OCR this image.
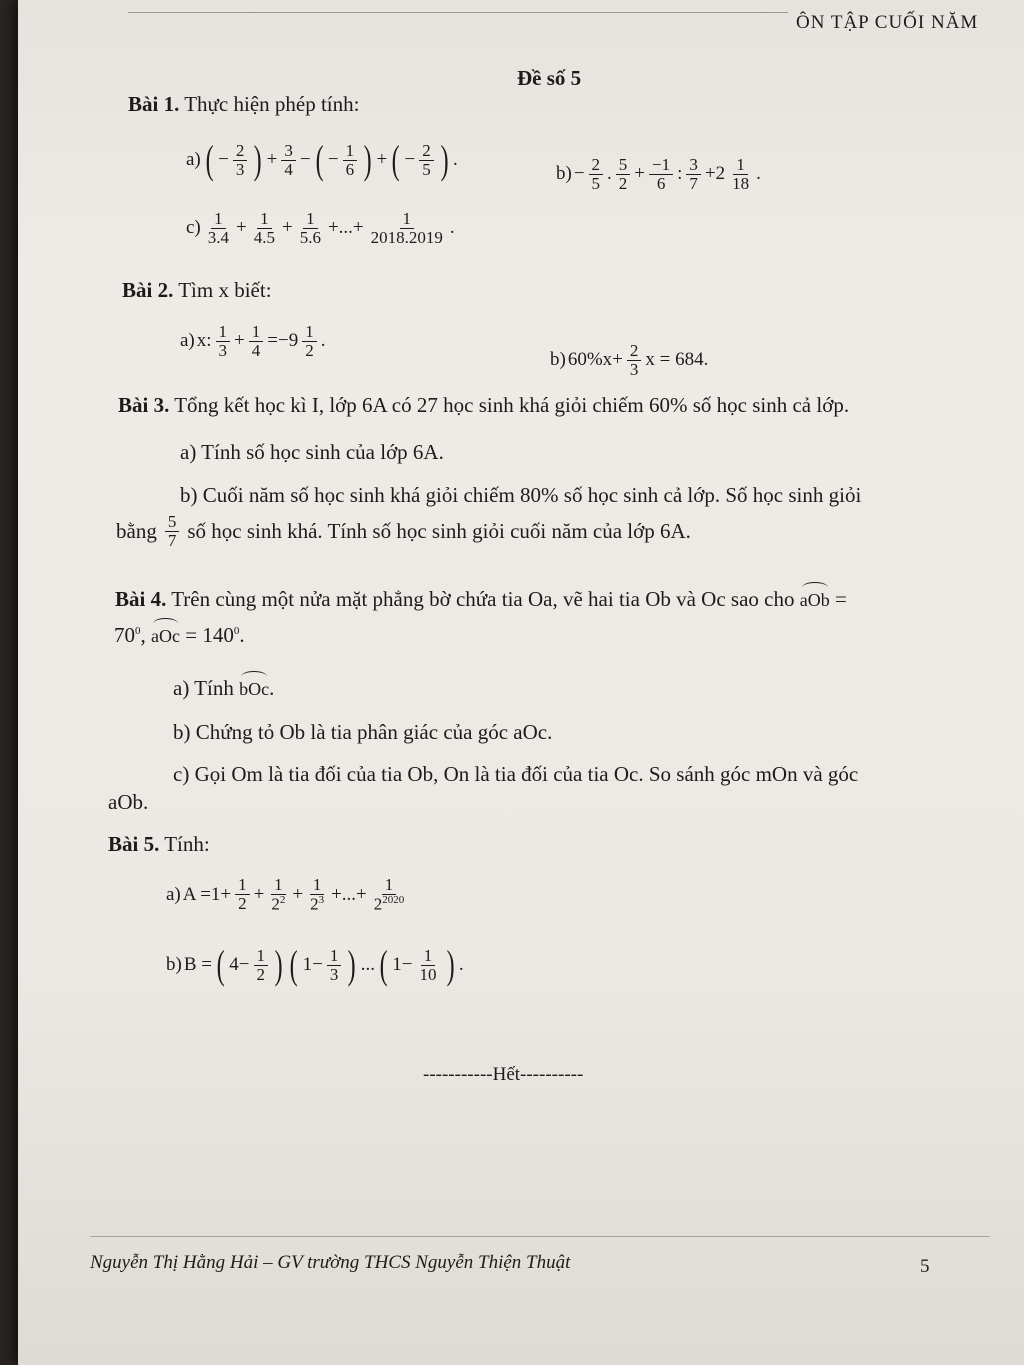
ÔN TẬP CUỐI NĂM
Đề số 5
Bài 1. Thực hiện phép tính:
a) ( − $\frac{2}{3}$ ) + $\frac{3}{4}$ − ( − $\frac{1}{6}$ ) + ( − $\frac{2}{5}$ ) .
$b) - \frac{2}{5}$ . $\frac{5}{2} + \frac{-1}{6}$ : $\frac{3}{7} +2 \frac{1}{18}$ .
$c) \frac{1}{3.4} + \frac{1}{4.5} + \frac{1}{5.6}$ +...+ $\frac{1}{2018.2019}$ .
Bài 2. Tìm x biết:
a) x: $\frac{1}{3} + \frac{1}{4} =-9 \frac{1}{2}$ .
b) $60\%x+ \frac{2}{3}$ x = 684.
Bài 3. Tổng kết học kì I, lớp 6A có 27 học sinh khá giỏi chiếm 60% số học sinh cả lớp.
a) Tính số học sinh của lớp 6A.
b) Cuối năm số học sinh khá giỏi chiếm 80% số học sinh cả lớp. Số học sinh giỏi
bằng $\frac{5}{7}$ số học sinh khá. Tính số học sinh giỏi cuối năm của lớp 6A.
Bài 4. Trên cùng một nửa mặt phẳng bờ chứa tia Oa, vẽ hai tia Ob và Oc sao cho aOb =
$70^0$, aOc = $140^0$.
a) Tính bOc.
b) Chứng tỏ Ob là tia phân giác của góc aOc.
c) Gọi Om là tia đối của tia Ob, On là tia đối của tia Oc. So sánh góc mOn và góc
aOb.
Bài 5. Tính:
a) $A =1+ \frac{1}{2} + \frac{1}{2^2} + \frac{1}{2^3}$ +...+ $\frac{1}{2^{2020}}$
b) B = ( $4- \frac{1}{2}$ ) ( $1- \frac{1}{3}$ ) ... ( $1- \frac{1}{10}$ ) .
-----------Hết----------
Nguyễn Thị Hằng Hải – GV trường THCS Nguyễn Thiện Thuật	5
